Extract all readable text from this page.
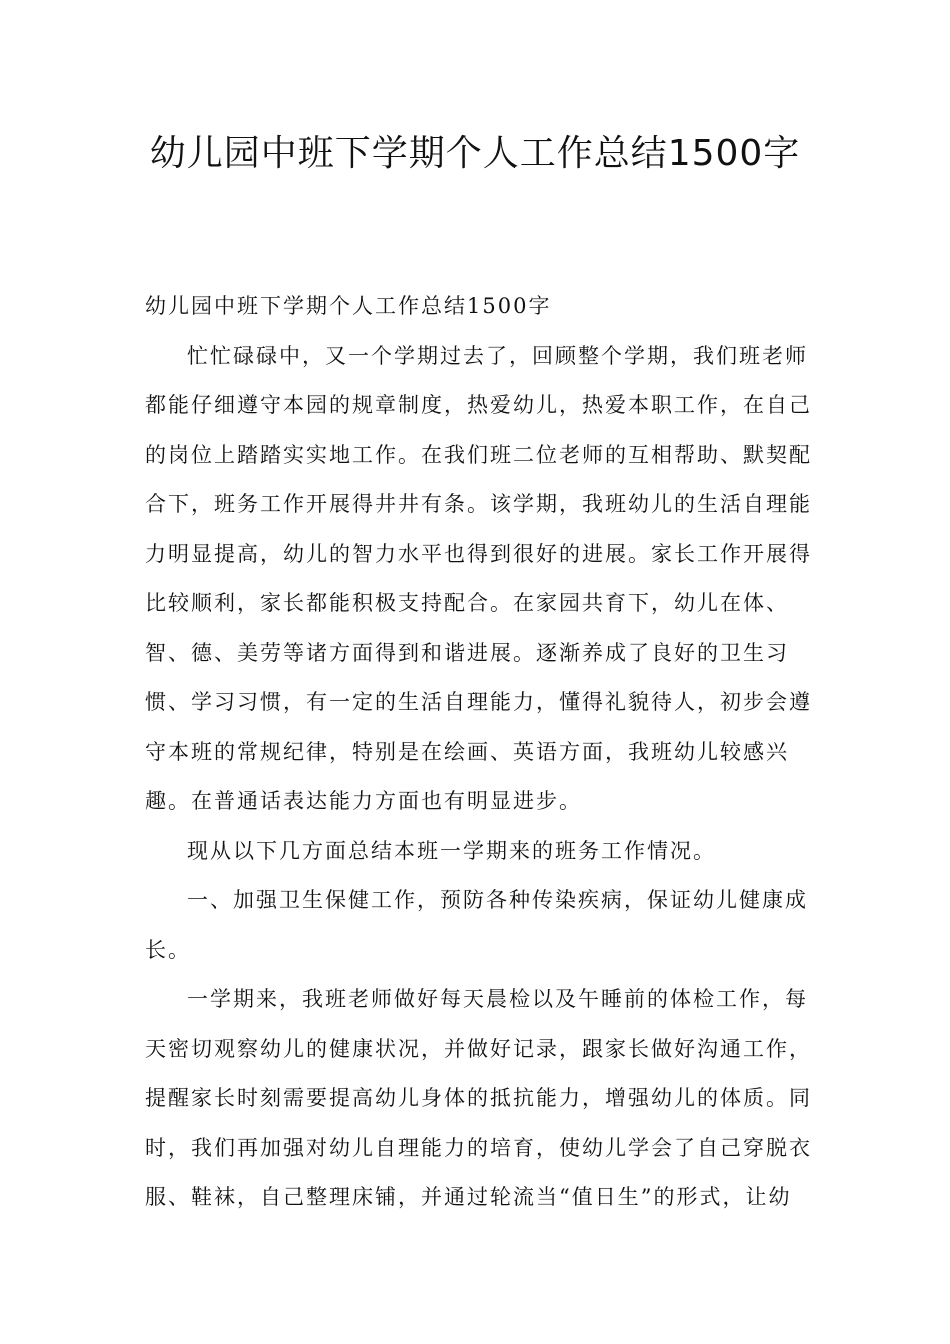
幼儿园中班下学期个人工作总结1500字

幼儿园中班下学期个人工作总结1500字

忙忙碌碌中，又一个学期过去了，回顾整个学期，我们班老师都能仔细遵守本园的规章制度，热爱幼儿，热爱本职工作，在自己的岗位上踏踏实实地工作。在我们班二位老师的互相帮助、默契配合下，班务工作开展得井井有条。该学期，我班幼儿的生活自理能力明显提高，幼儿的智力水平也得到很好的进展。家长工作开展得比较顺利，家长都能积极支持配合。在家园共育下，幼儿在体、智、德、美劳等诸方面得到和谐进展。逐渐养成了良好的卫生习惯、学习习惯，有一定的生活自理能力，懂得礼貌待人，初步会遵守本班的常规纪律，特别是在绘画、英语方面，我班幼儿较感兴趣。在普通话表达能力方面也有明显进步。

现从以下几方面总结本班一学期来的班务工作情况。

一、加强卫生保健工作，预防各种传染疾病，保证幼儿健康成长。

一学期来，我班老师做好每天晨检以及午睡前的体检工作，每天密切观察幼儿的健康状况，并做好记录，跟家长做好沟通工作，提醒家长时刻需要提高幼儿身体的抵抗能力，增强幼儿的体质。同时，我们再加强对幼儿自理能力的培育，使幼儿学会了自己穿脱衣服、鞋袜，自己整理床铺，并通过轮流当“值日生”的形式，让幼
